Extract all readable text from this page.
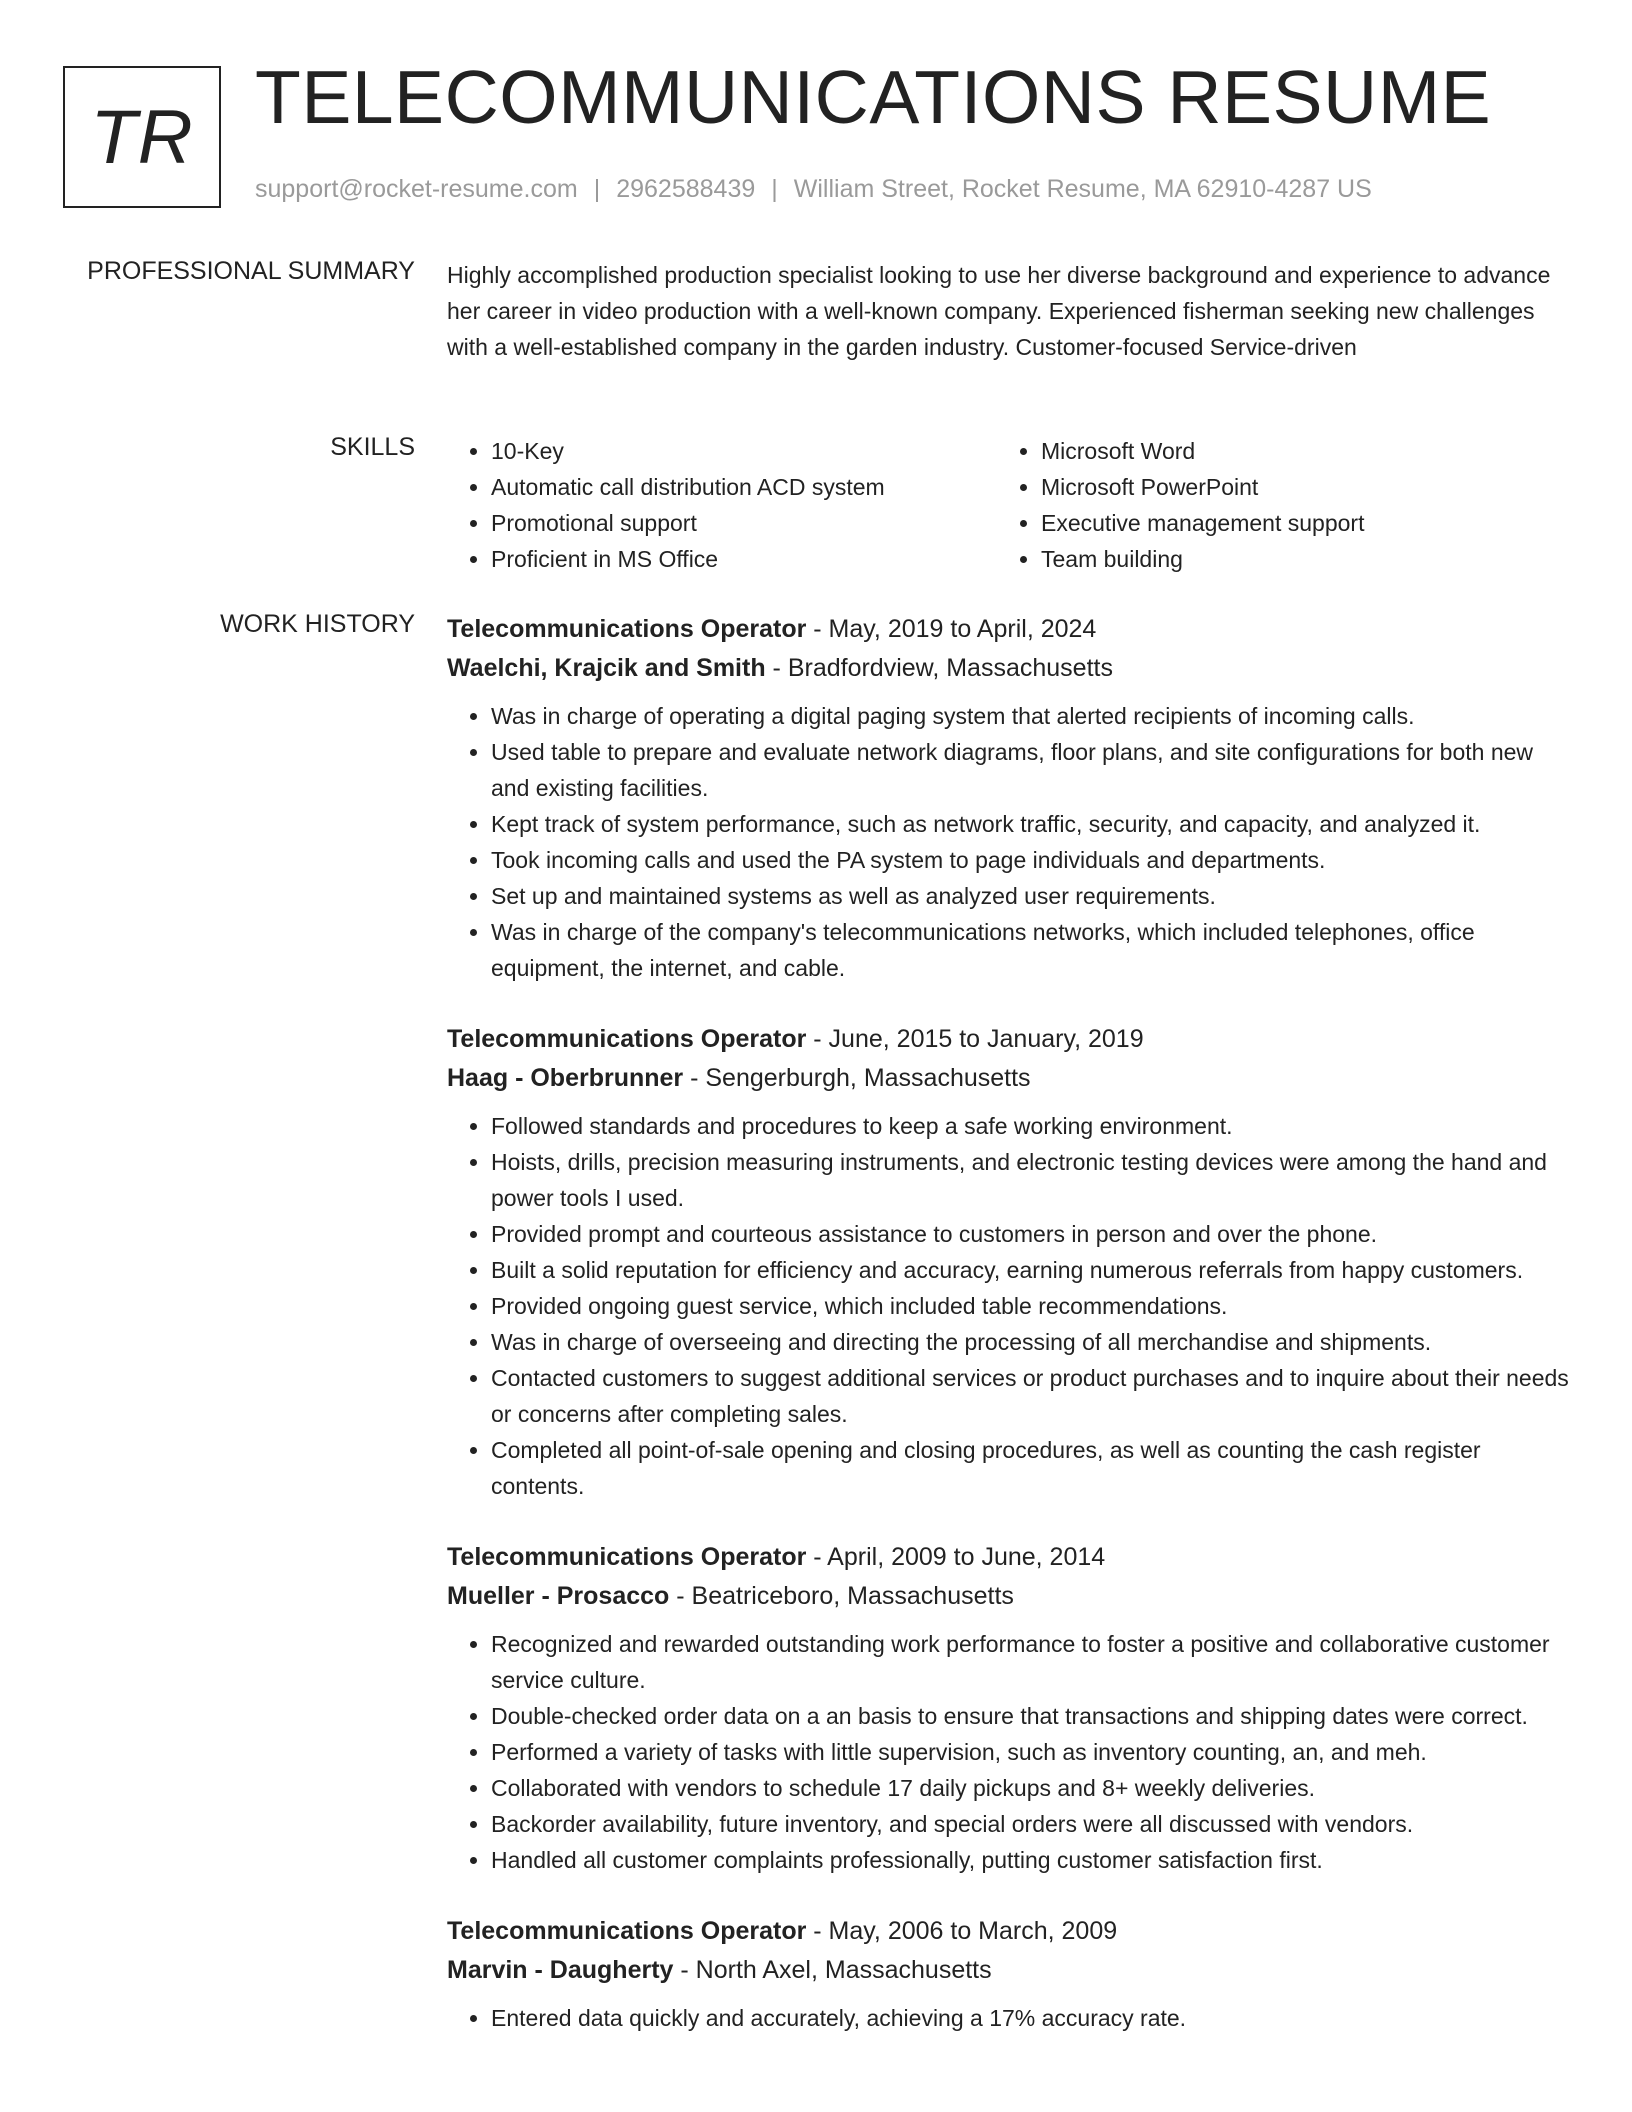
TR TELECOMMUNICATIONS RESUME
support@rocket-resume.com | 2962588439 | William Street, Rocket Resume, MA 62910-4287 US
PROFESSIONAL SUMMARY Highly accomplished production specialist looking to use her diverse background and experience to advance her career in video production with a well-known company. Experienced fisherman seeking new challenges with a well-established company in the garden industry. Customer-focused Service-driven

SKILLS
•	10-Key
• Automatic call distribution ACD system
• Promotional support
• Proficient in MS Office
• Microsoft Word
• Microsoft PowerPoint
• Executive management support
• Team building
WORK HISTORY Telecommunications Operator - May, 2019 to April, 2024
Waelchi, Krajcik and Smith - Bradfordview, Massachusetts
• Was in charge of operating a digital paging system that alerted recipients of incoming calls.
• Used table to prepare and evaluate network diagrams, floor plans, and site configurations for both new and existing facilities.
• Kept track of system performance, such as network traffic, security, and capacity, and analyzed it.
• Took incoming calls and used the PA system to page individuals and departments.
• Set up and maintained systems as well as analyzed user requirements.
• Was in charge of the company's telecommunications networks, which included telephones, office equipment, the internet, and cable.
Telecommunications Operator - June, 2015 to January, 2019
Haag - Oberbrunner - Sengerburgh, Massachusetts
• Followed standards and procedures to keep a safe working environment.
• Hoists, drills, precision measuring instruments, and electronic testing devices were among the hand and power tools I used.
• Provided prompt and courteous assistance to customers in person and over the phone.
• Built a solid reputation for efficiency and accuracy, earning numerous referrals from happy customers.
• Provided ongoing guest service, which included table recommendations.
• Was in charge of overseeing and directing the processing of all merchandise and shipments.
• Contacted customers to suggest additional services or product purchases and to inquire about their needs or concerns after completing sales.
• Completed all point-of-sale opening and closing procedures, as well as counting the cash register contents.
Telecommunications Operator - April, 2009 to June, 2014
Mueller - Prosacco - Beatriceboro, Massachusetts
• Recognized and rewarded outstanding work performance to foster a positive and collaborative customer service culture.
• Double-checked order data on a an basis to ensure that transactions and shipping dates were correct.
• Performed a variety of tasks with little supervision, such as inventory counting, an, and meh.
• Collaborated with vendors to schedule 17 daily pickups and 8+ weekly deliveries.
• Backorder availability, future inventory, and special orders were all discussed with vendors.
• Handled all customer complaints professionally, putting customer satisfaction first.
Telecommunications Operator - May, 2006 to March, 2009
Marvin - Daugherty - North Axel, Massachusetts
• Entered data quickly and accurately, achieving a 17% accuracy rate.
